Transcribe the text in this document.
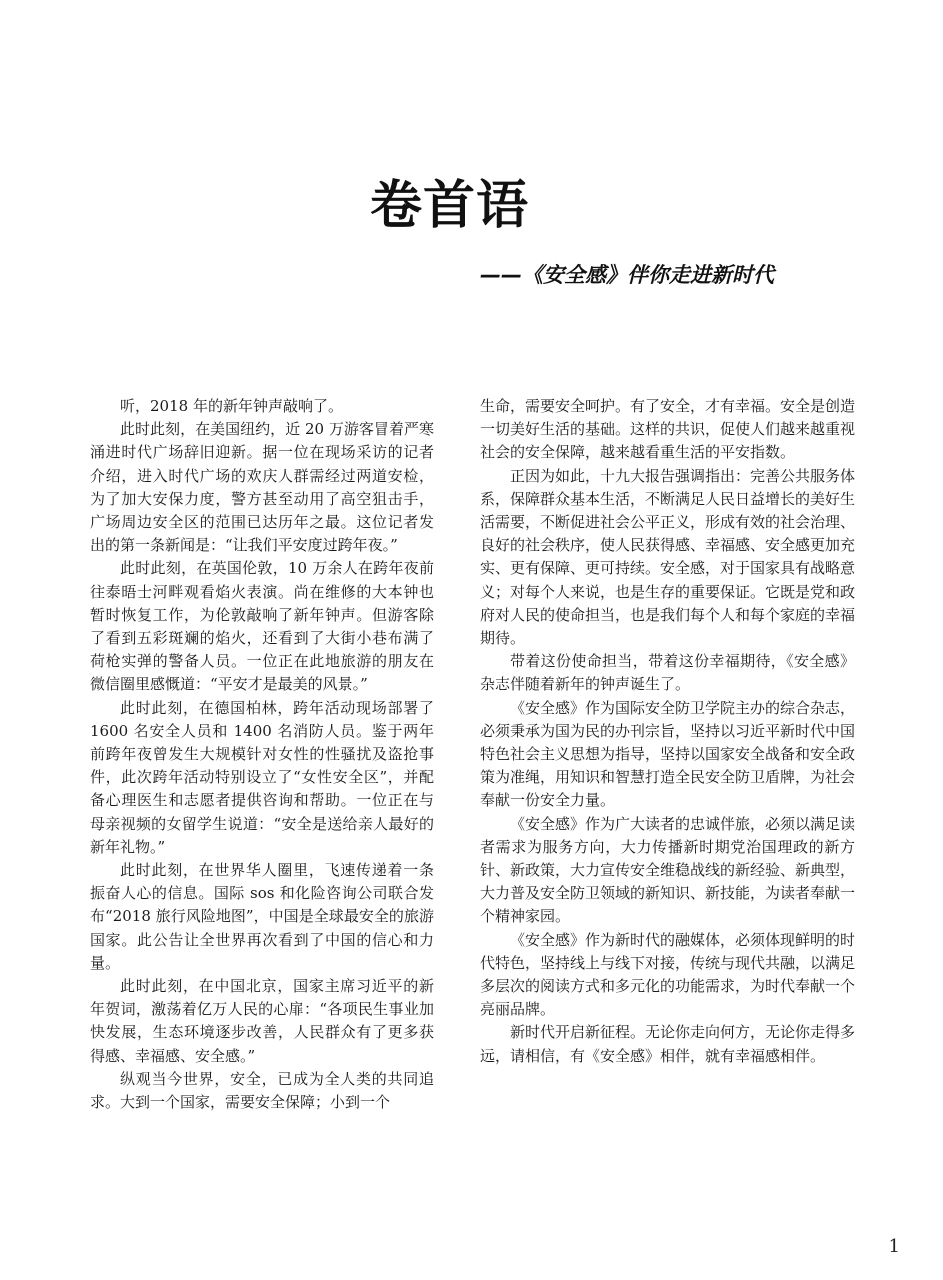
卷首语
——《安全感》伴你走进新时代

听，2018 年的新年钟声敲响了。

此时此刻，在美国纽约，近 20 万游客冒着严寒涌进时代广场辞旧迎新。据一位在现场采访的记者介绍，进入时代广场的欢庆人群需经过两道安检，为了加大安保力度，警方甚至动用了高空狙击手，广场周边安全区的范围已达历年之最。这位记者发出的第一条新闻是：“让我们平安度过跨年夜。”

此时此刻，在英国伦敦，10 万余人在跨年夜前往泰晤士河畔观看焰火表演。尚在维修的大本钟也暂时恢复工作，为伦敦敲响了新年钟声。但游客除了看到五彩斑斓的焰火，还看到了大街小巷布满了荷枪实弹的警备人员。一位正在此地旅游的朋友在微信圈里感慨道：“平安才是最美的风景。”

此时此刻，在德国柏林，跨年活动现场部署了 1600 名安全人员和 1400 名消防人员。鉴于两年前跨年夜曾发生大规模针对女性的性骚扰及盗抢事件，此次跨年活动特别设立了“女性安全区”，并配备心理医生和志愿者提供咨询和帮助。一位正在与母亲视频的女留学生说道：“安全是送给亲人最好的新年礼物。”

此时此刻，在世界华人圈里，飞速传递着一条振奋人心的信息。国际 sos 和化险咨询公司联合发布“2018 旅行风险地图”，中国是全球最安全的旅游国家。此公告让全世界再次看到了中国的信心和力量。

此时此刻，在中国北京，国家主席习近平的新年贺词，激荡着亿万人民的心扉：“各项民生事业加快发展，生态环境逐步改善，人民群众有了更多获得感、幸福感、安全感。”

纵观当今世界，安全，已成为全人类的共同追求。大到一个国家，需要安全保障；小到一个

生命，需要安全呵护。有了安全，才有幸福。安全是创造一切美好生活的基础。这样的共识，促使人们越来越重视社会的安全保障，越来越看重生活的平安指数。

正因为如此，十九大报告强调指出：完善公共服务体系，保障群众基本生活，不断满足人民日益增长的美好生活需要，不断促进社会公平正义，形成有效的社会治理、良好的社会秩序，使人民获得感、幸福感、安全感更加充实、更有保障、更可持续。安全感，对于国家具有战略意义；对每个人来说，也是生存的重要保证。它既是党和政府对人民的使命担当，也是我们每个人和每个家庭的幸福期待。

带着这份使命担当，带着这份幸福期待，《安全感》杂志伴随着新年的钟声诞生了。

《安全感》作为国际安全防卫学院主办的综合杂志，必须秉承为国为民的办刊宗旨，坚持以习近平新时代中国特色社会主义思想为指导，坚持以国家安全战备和安全政策为准绳，用知识和智慧打造全民安全防卫盾牌，为社会奉献一份安全力量。

《安全感》作为广大读者的忠诚伴旅，必须以满足读者需求为服务方向，大力传播新时期党治国理政的新方针、新政策，大力宣传安全维稳战线的新经验、新典型，大力普及安全防卫领域的新知识、新技能，为读者奉献一个精神家园。

《安全感》作为新时代的融媒体，必须体现鲜明的时代特色，坚持线上与线下对接，传统与现代共融，以满足多层次的阅读方式和多元化的功能需求，为时代奉献一个亮丽品牌。

新时代开启新征程。无论你走向何方，无论你走得多远，请相信，有《安全感》相伴，就有幸福感相伴。

1
